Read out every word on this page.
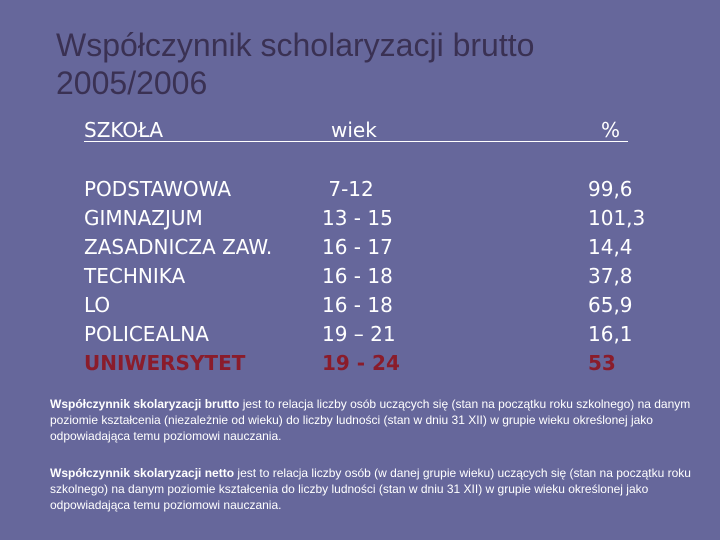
Współczynnik scholaryzacji brutto
2005/2006
SZKOŁA	wiek	%
PODSTAWOWA
GIMNAZJUM
ZASADNICZA ZAW.
TECHNIKA
LO
POLICEALNA
UNIWERSYTET
7-12
13 - 15
16 - 17
16 - 18
16 - 18
19 – 21
19 - 24
99,6
101,3
14,4
37,8
65,9
16,1
53
Współczynnik skolaryzacji brutto jest to relacja liczby osób uczących się (stan na początku roku szkolnego) na danym poziomie kształcenia (niezależnie od wieku) do liczby ludności (stan w dniu 31 XII) w grupie wieku określonej jako odpowiadająca temu poziomowi nauczania.
Współczynnik skolaryzacji netto jest to relacja liczby osób (w danej grupie wieku) uczących się (stan na początku roku szkolnego) na danym poziomie kształcenia do liczby ludności (stan w dniu 31 XII) w grupie wieku określonej jako odpowiadająca temu poziomowi nauczania.
